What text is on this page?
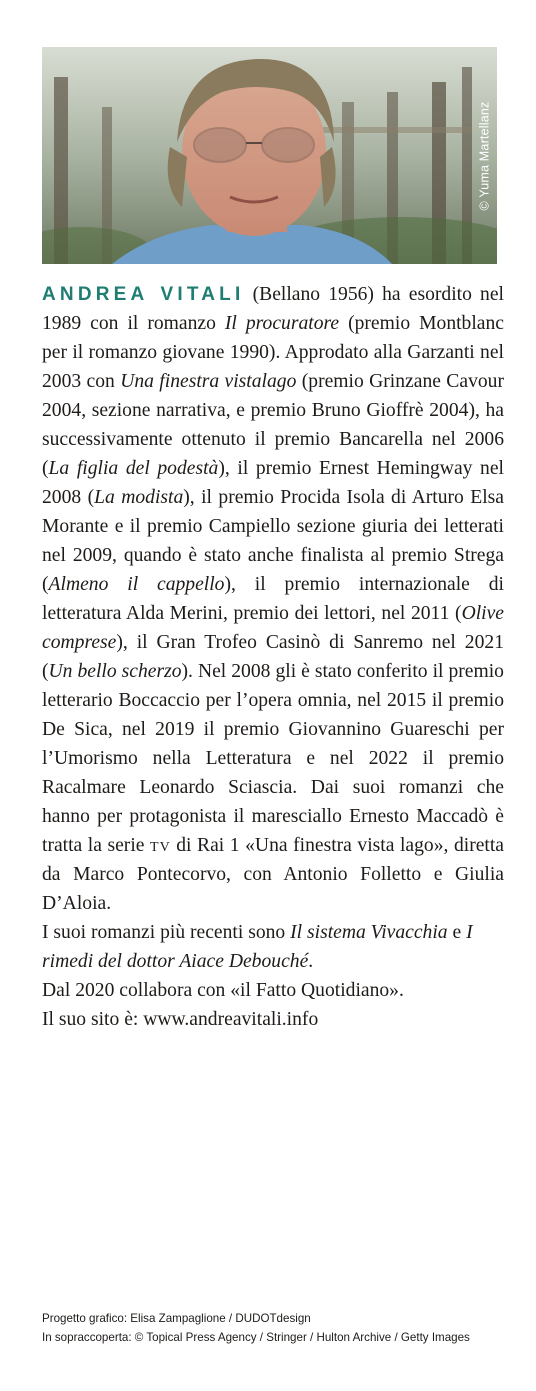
© Yuma Martellanz

ANDREA VITALI (Bellano 1956) ha esordito nel 1989 con il romanzo Il procuratore (premio Montblanc per il romanzo giovane 1990). Approdato alla Garzanti nel 2003 con Una finestra vistalago (premio Grinzane Cavour 2004, sezione narrativa, e premio Bruno Gioffrè 2004), ha successivamente ottenuto il premio Bancarella nel 2006 (La figlia del podestà), il premio Ernest Hemingway nel 2008 (La modista), il premio Procida Isola di Arturo Elsa Morante e il premio Campiello sezione giuria dei letterati nel 2009, quando è stato anche finalista al premio Strega (Almeno il cappello), il premio internazionale di letteratura Alda Merini, premio dei lettori, nel 2011 (Olive comprese), il Gran Trofeo Casinò di Sanremo nel 2021 (Un bello scherzo). Nel 2008 gli è stato conferito il premio letterario Boccaccio per l’opera omnia, nel 2015 il premio De Sica, nel 2019 il premio Giovannino Guareschi per l’Umorismo nella Letteratura e nel 2022 il premio Racalmare Leonardo Sciascia. Dai suoi romanzi che hanno per protagonista il maresciallo Ernesto Maccadò è tratta la serie tv di Rai 1 «Una finestra vista lago», diretta da Marco Pontecorvo, con Antonio Folletto e Giulia D’Aloia.

I suoi romanzi più recenti sono Il sistema Vivacchia e I rimedi del dottor Aiace Debouché.

Dal 2020 collabora con «il Fatto Quotidiano».

Il suo sito è: www.andreavitali.info

Progetto grafico: Elisa Zampaglione / DUDOTdesign
In sopraccoperta: © Topical Press Agency / Stringer / Hulton Archive / Getty Images
